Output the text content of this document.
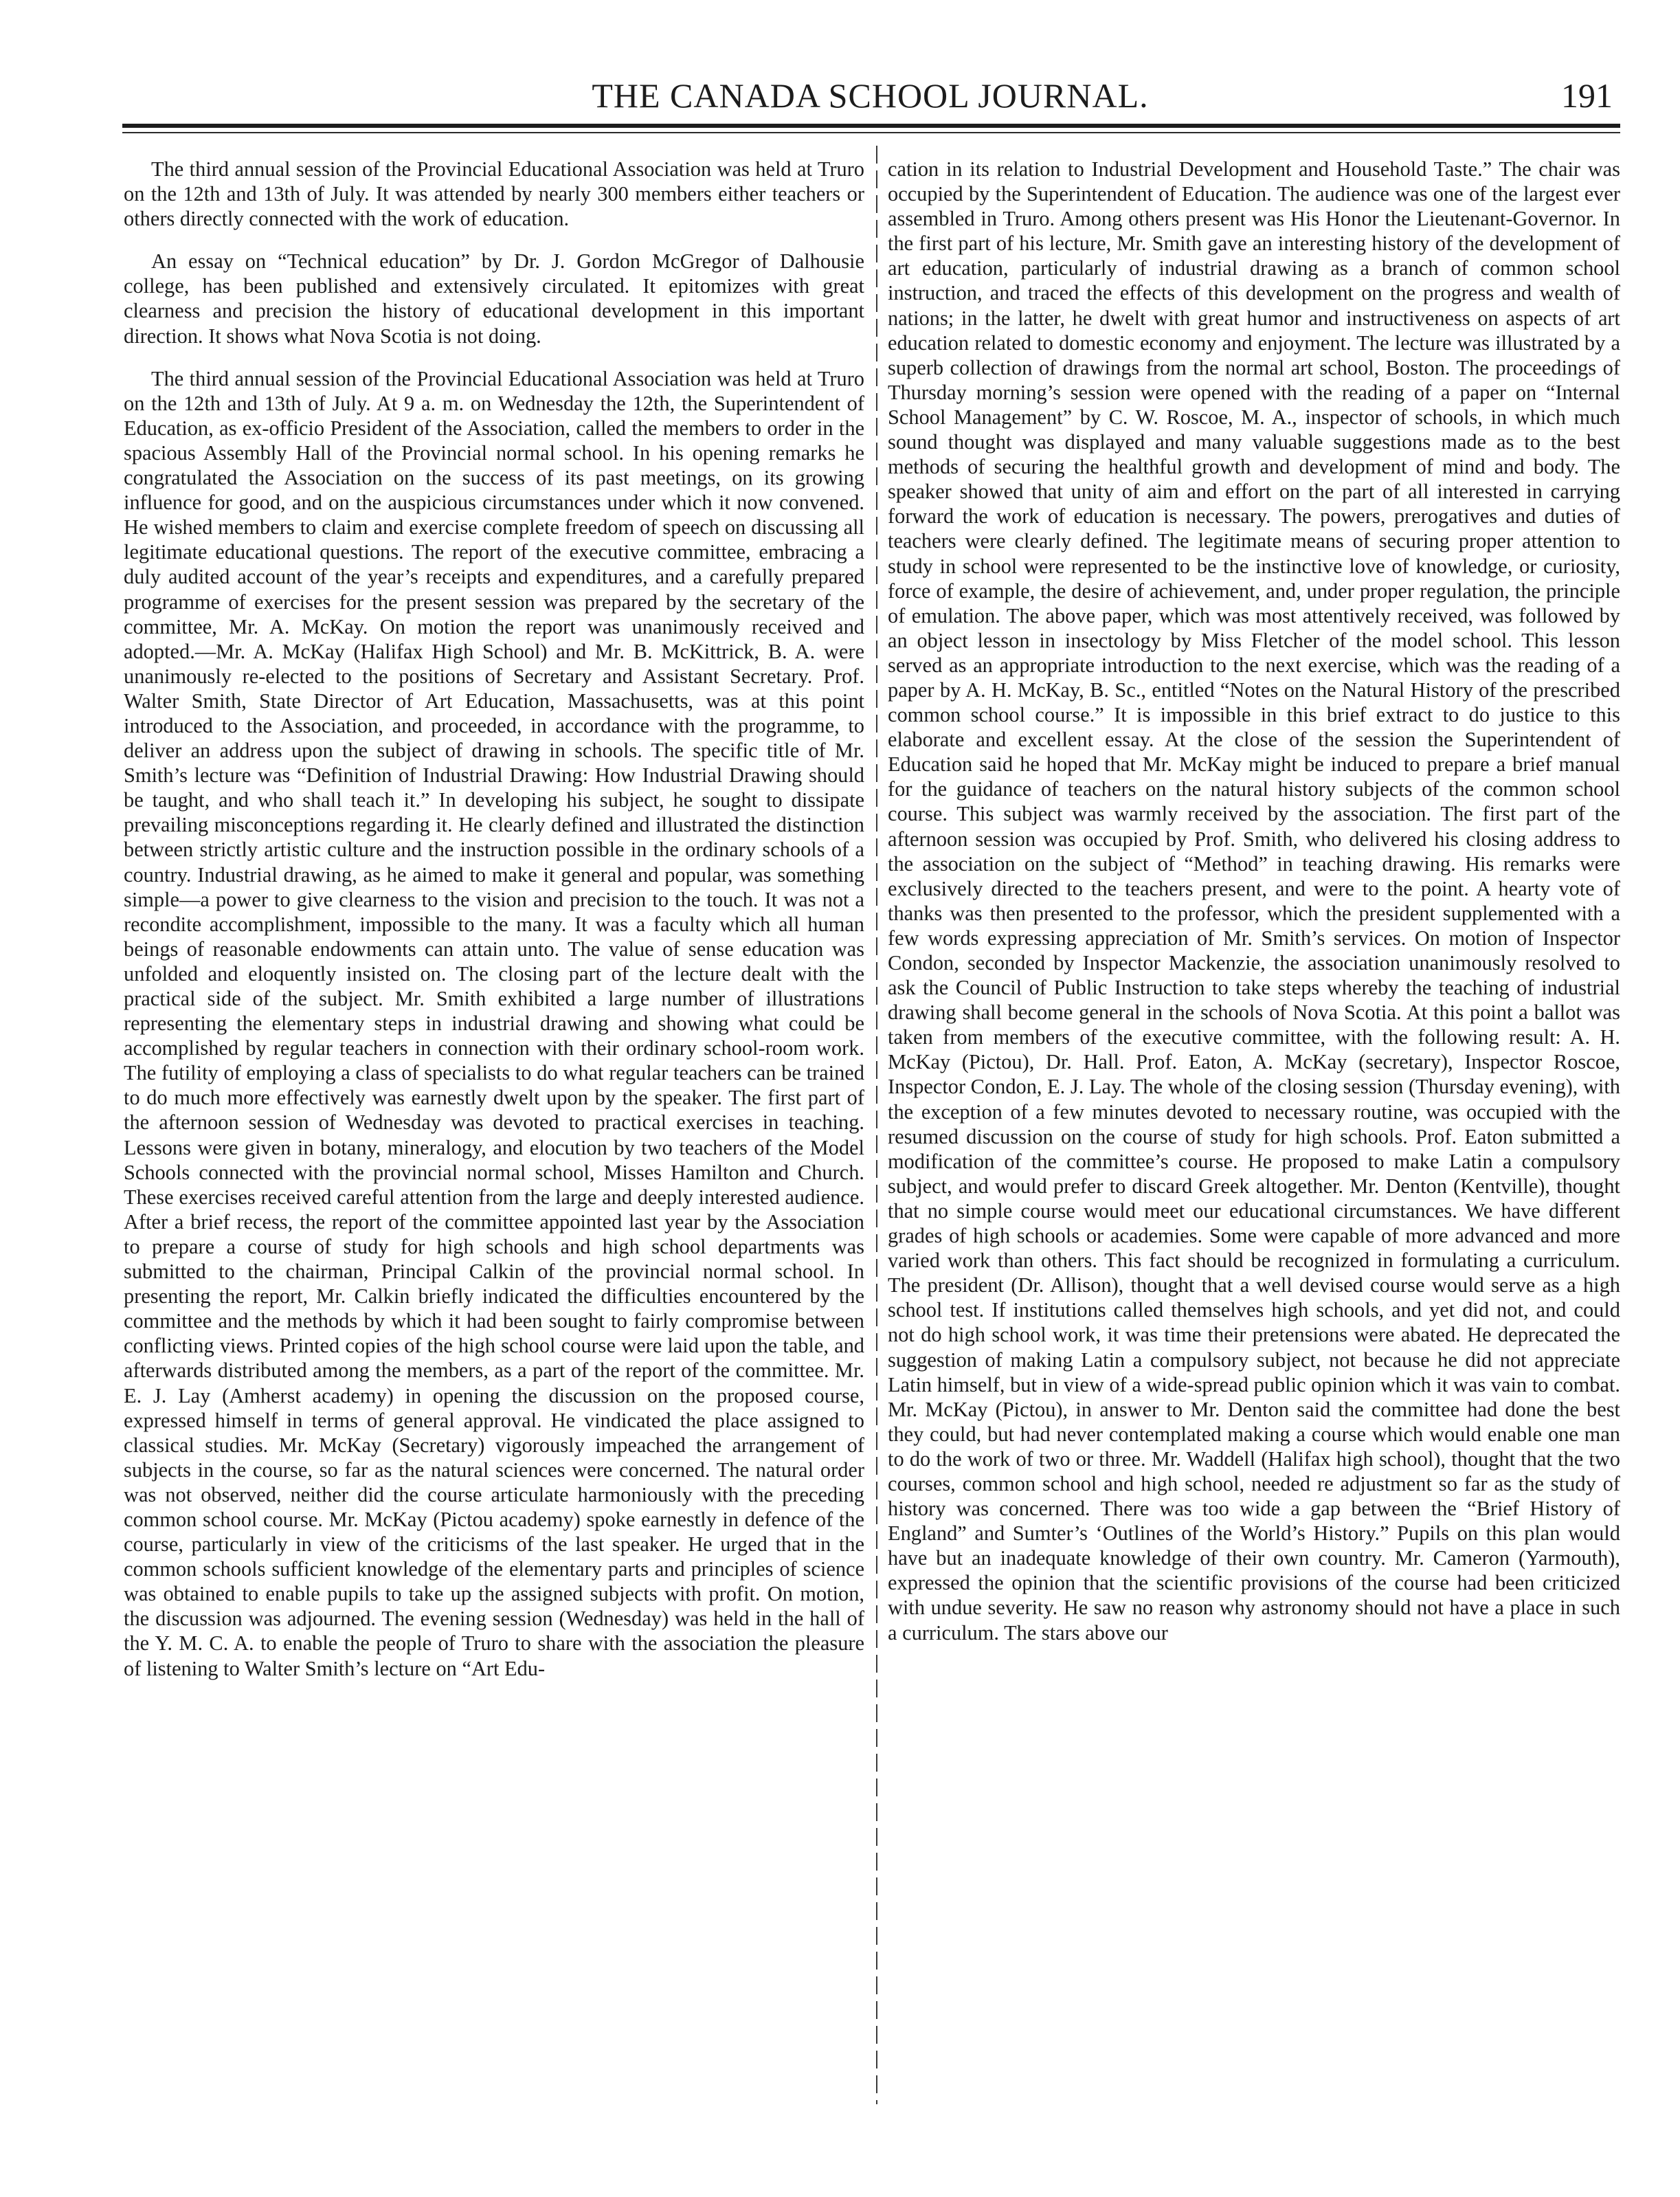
THE CANADA SCHOOL JOURNAL.	191

The third annual session of the Provincial Educational Association was held at Truro on the 12th and 13th of July. It was attended by nearly 300 members either teachers or others directly connected with the work of education.

An essay on “Technical education” by Dr. J. Gordon McGregor of Dalhousie college, has been published and extensively circulated. It epitomizes with great clearness and precision the history of educational development in this important direction. It shows what Nova Scotia is not doing.

The third annual session of the Provincial Educational Association was held at Truro on the 12th and 13th of July. At 9 a. m. on Wednesday the 12th, the Superintendent of Education, as ex-officio President of the Association, called the members to order in the spacious Assembly Hall of the Provincial normal school. In his opening remarks he congratulated the Association on the success of its past meetings, on its growing influence for good, and on the auspicious circumstances under which it now convened. He wished members to claim and exercise complete freedom of speech on discussing all legitimate educational questions. The report of the executive committee, embracing a duly audited account of the year’s receipts and expenditures, and a carefully prepared programme of exercises for the present session was prepared by the secretary of the committee, Mr. A. McKay. On motion the report was unanimously received and adopted.—Mr. A. McKay (Halifax High School) and Mr. B. McKittrick, B. A. were unanimously re-elected to the positions of Secretary and Assistant Secretary. Prof. Walter Smith, State Director of Art Education, Massachusetts, was at this point introduced to the Association, and proceeded, in accordance with the programme, to deliver an address upon the subject of drawing in schools. The specific title of Mr. Smith’s lecture was “Definition of Industrial Drawing: How Industrial Drawing should be taught, and who shall teach it.” In developing his subject, he sought to dissipate prevailing misconceptions regarding it. He clearly defined and illustrated the distinction between strictly artistic culture and the instruction possible in the ordinary schools of a country. Industrial drawing, as he aimed to make it general and popular, was something simple—a power to give clearness to the vision and precision to the touch. It was not a recondite accomplishment, impossible to the many. It was a faculty which all human beings of reasonable endowments can attain unto. The value of sense education was unfolded and eloquently insisted on. The closing part of the lecture dealt with the practical side of the subject. Mr. Smith exhibited a large number of illustrations representing the elementary steps in industrial drawing and showing what could be accomplished by regular teachers in connection with their ordinary school-room work. The futility of employing a class of specialists to do what regular teachers can be trained to do much more effectively was earnestly dwelt upon by the speaker. The first part of the afternoon session of Wednesday was devoted to practical exercises in teaching. Lessons were given in botany, mineralogy, and elocution by two teachers of the Model Schools connected with the provincial normal school, Misses Hamilton and Church. These exercises received careful attention from the large and deeply interested audience. After a brief recess, the report of the committee appointed last year by the Association to prepare a course of study for high schools and high school departments was submitted to the chairman, Principal Calkin of the provincial normal school. In presenting the report, Mr. Calkin briefly indicated the difficulties encountered by the committee and the methods by which it had been sought to fairly compromise between conflicting views. Printed copies of the high school course were laid upon the table, and afterwards distributed among the members, as a part of the report of the committee. Mr. E. J. Lay (Amherst academy) in opening the discussion on the proposed course, expressed himself in terms of general approval. He vindicated the place assigned to classical studies. Mr. McKay (Secretary) vigorously impeached the arrangement of subjects in the course, so far as the natural sciences were concerned. The natural order was not observed, neither did the course articulate harmoniously with the preceding common school course. Mr. McKay (Pictou academy) spoke earnestly in defence of the course, particularly in view of the criticisms of the last speaker. He urged that in the common schools sufficient knowledge of the elementary parts and principles of science was obtained to enable pupils to take up the assigned subjects with profit. On motion, the discussion was adjourned. The evening session (Wednesday) was held in the hall of the Y. M. C. A. to enable the people of Truro to share with the association the pleasure of listening to Walter Smith’s lecture on “Art Edu-

cation in its relation to Industrial Development and Household Taste.” The chair was occupied by the Superintendent of Education. The audience was one of the largest ever assembled in Truro. Among others present was His Honor the Lieutenant-Governor. In the first part of his lecture, Mr. Smith gave an interesting history of the development of art education, particularly of industrial drawing as a branch of common school instruction, and traced the effects of this development on the progress and wealth of nations; in the latter, he dwelt with great humor and instructiveness on aspects of art education related to domestic economy and enjoyment. The lecture was illustrated by a superb collection of drawings from the normal art school, Boston. The proceedings of Thursday morning’s session were opened with the reading of a paper on “Internal School Management” by C. W. Roscoe, M. A., inspector of schools, in which much sound thought was displayed and many valuable suggestions made as to the best methods of securing the healthful growth and development of mind and body. The speaker showed that unity of aim and effort on the part of all interested in carrying forward the work of education is necessary. The powers, prerogatives and duties of teachers were clearly defined. The legitimate means of securing proper attention to study in school were represented to be the instinctive love of knowledge, or curiosity, force of example, the desire of achievement, and, under proper regulation, the principle of emulation. The above paper, which was most attentively received, was followed by an object lesson in insectology by Miss Fletcher of the model school. This lesson served as an appropriate introduction to the next exercise, which was the reading of a paper by A. H. McKay, B. Sc., entitled “Notes on the Natural History of the prescribed common school course.” It is impossible in this brief extract to do justice to this elaborate and excellent essay. At the close of the session the Superintendent of Education said he hoped that Mr. McKay might be induced to prepare a brief manual for the guidance of teachers on the natural history subjects of the common school course. This subject was warmly received by the association. The first part of the afternoon session was occupied by Prof. Smith, who delivered his closing address to the association on the subject of “Method” in teaching drawing. His remarks were exclusively directed to the teachers present, and were to the point. A hearty vote of thanks was then presented to the professor, which the president supplemented with a few words expressing appreciation of Mr. Smith’s services. On motion of Inspector Condon, seconded by Inspector Mackenzie, the association unanimously resolved to ask the Council of Public Instruction to take steps whereby the teaching of industrial drawing shall become general in the schools of Nova Scotia. At this point a ballot was taken from members of the executive committee, with the following result: A. H. McKay (Pictou), Dr. Hall. Prof. Eaton, A. McKay (secretary), Inspector Roscoe, Inspector Condon, E. J. Lay. The whole of the closing session (Thursday evening), with the exception of a few minutes devoted to necessary routine, was occupied with the resumed discussion on the course of study for high schools. Prof. Eaton submitted a modification of the committee’s course. He proposed to make Latin a compulsory subject, and would prefer to discard Greek altogether. Mr. Denton (Kentville), thought that no simple course would meet our educational circumstances. We have different grades of high schools or academies. Some were capable of more advanced and more varied work than others. This fact should be recognized in formulating a curriculum. The president (Dr. Allison), thought that a well devised course would serve as a high school test. If institutions called themselves high schools, and yet did not, and could not do high school work, it was time their pretensions were abated. He deprecated the suggestion of making Latin a compulsory subject, not because he did not appreciate Latin himself, but in view of a wide-spread public opinion which it was vain to combat. Mr. McKay (Pictou), in answer to Mr. Denton said the committee had done the best they could, but had never contemplated making a course which would enable one man to do the work of two or three. Mr. Waddell (Halifax high school), thought that the two courses, common school and high school, needed re adjustment so far as the study of history was concerned. There was too wide a gap between the “Brief History of England” and Sumter’s ‘Outlines of the World’s History.” Pupils on this plan would have but an inadequate knowledge of their own country. Mr. Cameron (Yarmouth), expressed the opinion that the scientific provisions of the course had been criticized with undue severity. He saw no reason why astronomy should not have a place in such a curriculum. The stars above our
